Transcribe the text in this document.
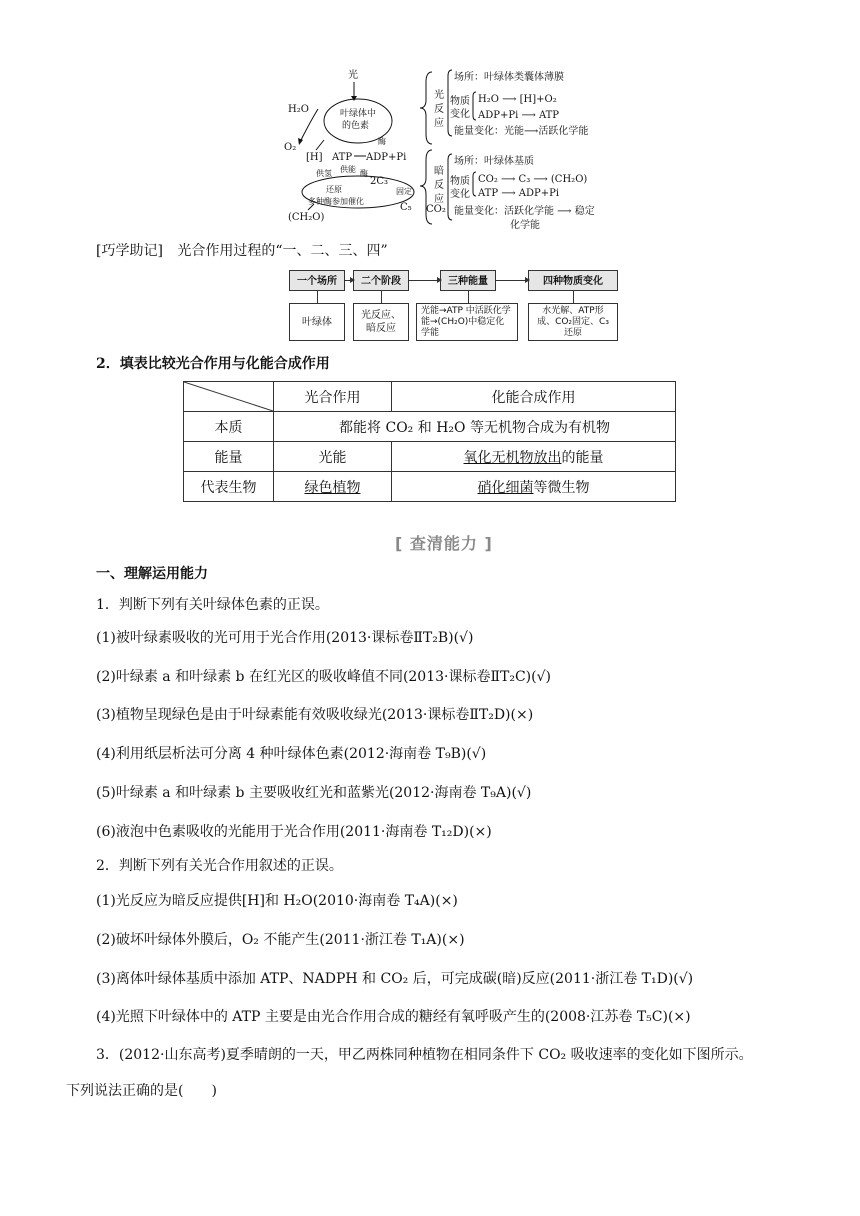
光
叶绿体中
的色素
H₂O
O₂
[H] ATP ADP+Pi
酶
供氢 供能 酶
2C₃
还原
多种酶参加催化
固定
C₅ CO₂
(CH₂O)
光
反
应
场所：叶绿体类囊体薄膜
物质
变化
H₂O ⟶ [H]+O₂
ADP+Pi ⟶ ATP
能量变化：光能⟶活跃化学能
暗
反
应
场所：叶绿体基质
物质
变化
CO₂ ⟶ C₃ ⟶ (CH₂O)
ATP ⟶ ADP+Pi
能量变化：活跃化学能 ⟶ 稳定
化学能
[巧学助记] 光合作用过程的“一、二、三、四”
一个场所	二个阶段	三种能量	四种物质变化
叶绿体
光反应、暗反应
光能→ATP 中活跃化学能→(CH₂O)中稳定化学能
水光解、ATP形成、CO₂固定、C₃还原
2．填表比较光合作用与化能合成作用
	光合作用	化能合成作用
本质	都能将 CO₂ 和 H₂O 等无机物合成为有机物	
能量	光能	氧化无机物放出的能量
代表生物	绿色植物	硝化细菌等微生物
[ 查清能力 ]
一、理解运用能力
1．判断下列有关叶绿体色素的正误。
(1)被叶绿素吸收的光可用于光合作用(2013·课标卷ⅡT₂B)(√)
(2)叶绿素 a 和叶绿素 b 在红光区的吸收峰值不同(2013·课标卷ⅡT₂C)(√)
(3)植物呈现绿色是由于叶绿素能有效吸收绿光(2013·课标卷ⅡT₂D)(×)
(4)利用纸层析法可分离 4 种叶绿体色素(2012·海南卷 T₉B)(√)
(5)叶绿素 a 和叶绿素 b 主要吸收红光和蓝紫光(2012·海南卷 T₉A)(√)
(6)液泡中色素吸收的光能用于光合作用(2011·海南卷 T₁₂D)(×)
2．判断下列有关光合作用叙述的正误。
(1)光反应为暗反应提供[H]和 H₂O(2010·海南卷 T₄A)(×)
(2)破坏叶绿体外膜后，O₂ 不能产生(2011·浙江卷 T₁A)(×)
(3)离体叶绿体基质中添加 ATP、NADPH 和 CO₂ 后，可完成碳(暗)反应(2011·浙江卷 T₁D)(√)
(4)光照下叶绿体中的 ATP 主要是由光合作用合成的糖经有氧呼吸产生的(2008·江苏卷 T₅C)(×)
3．(2012·山东高考)夏季晴朗的一天，甲乙两株同种植物在相同条件下 CO₂ 吸收速率的变化如下图所示。
下列说法正确的是(　　)
